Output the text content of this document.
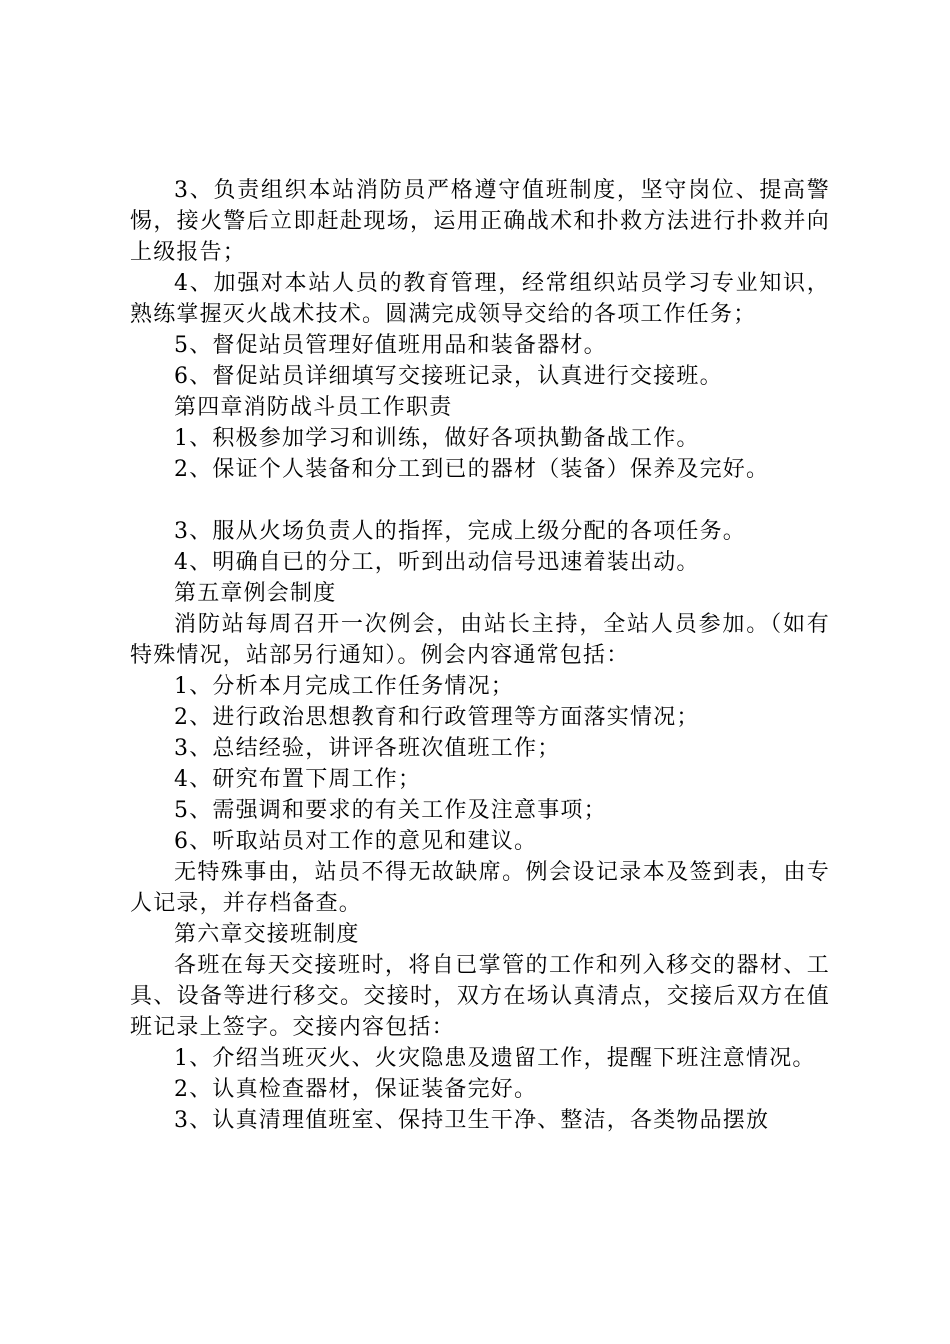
3、负责组织本站消防员严格遵守值班制度，坚守岗位、提高警惕，接火警后立即赶赴现场，运用正确战术和扑救方法进行扑救并向上级报告；

4、加强对本站人员的教育管理，经常组织站员学习专业知识，熟练掌握灭火战术技术。圆满完成领导交给的各项工作任务；

5、督促站员管理好值班用品和装备器材。

6、督促站员详细填写交接班记录，认真进行交接班。

第四章消防战斗员工作职责

1、积极参加学习和训练，做好各项执勤备战工作。

2、保证个人装备和分工到已的器材（装备）保养及完好。

3、服从火场负责人的指挥，完成上级分配的各项任务。

4、明确自已的分工，听到出动信号迅速着装出动。

第五章例会制度

消防站每周召开一次例会，由站长主持，全站人员参加。（如有特殊情况，站部另行通知）。例会内容通常包括：

1、分析本月完成工作任务情况；

2、进行政治思想教育和行政管理等方面落实情况；

3、总结经验，讲评各班次值班工作；

4、研究布置下周工作；

5、需强调和要求的有关工作及注意事项；

6、听取站员对工作的意见和建议。

无特殊事由，站员不得无故缺席。例会设记录本及签到表，由专人记录，并存档备查。

第六章交接班制度

各班在每天交接班时，将自已掌管的工作和列入移交的器材、工具、设备等进行移交。交接时，双方在场认真清点，交接后双方在值班记录上签字。交接内容包括：

1、介绍当班灭火、火灾隐患及遗留工作，提醒下班注意情况。

2、认真检查器材，保证装备完好。

3、认真清理值班室、保持卫生干净、整洁，各类物品摆放
